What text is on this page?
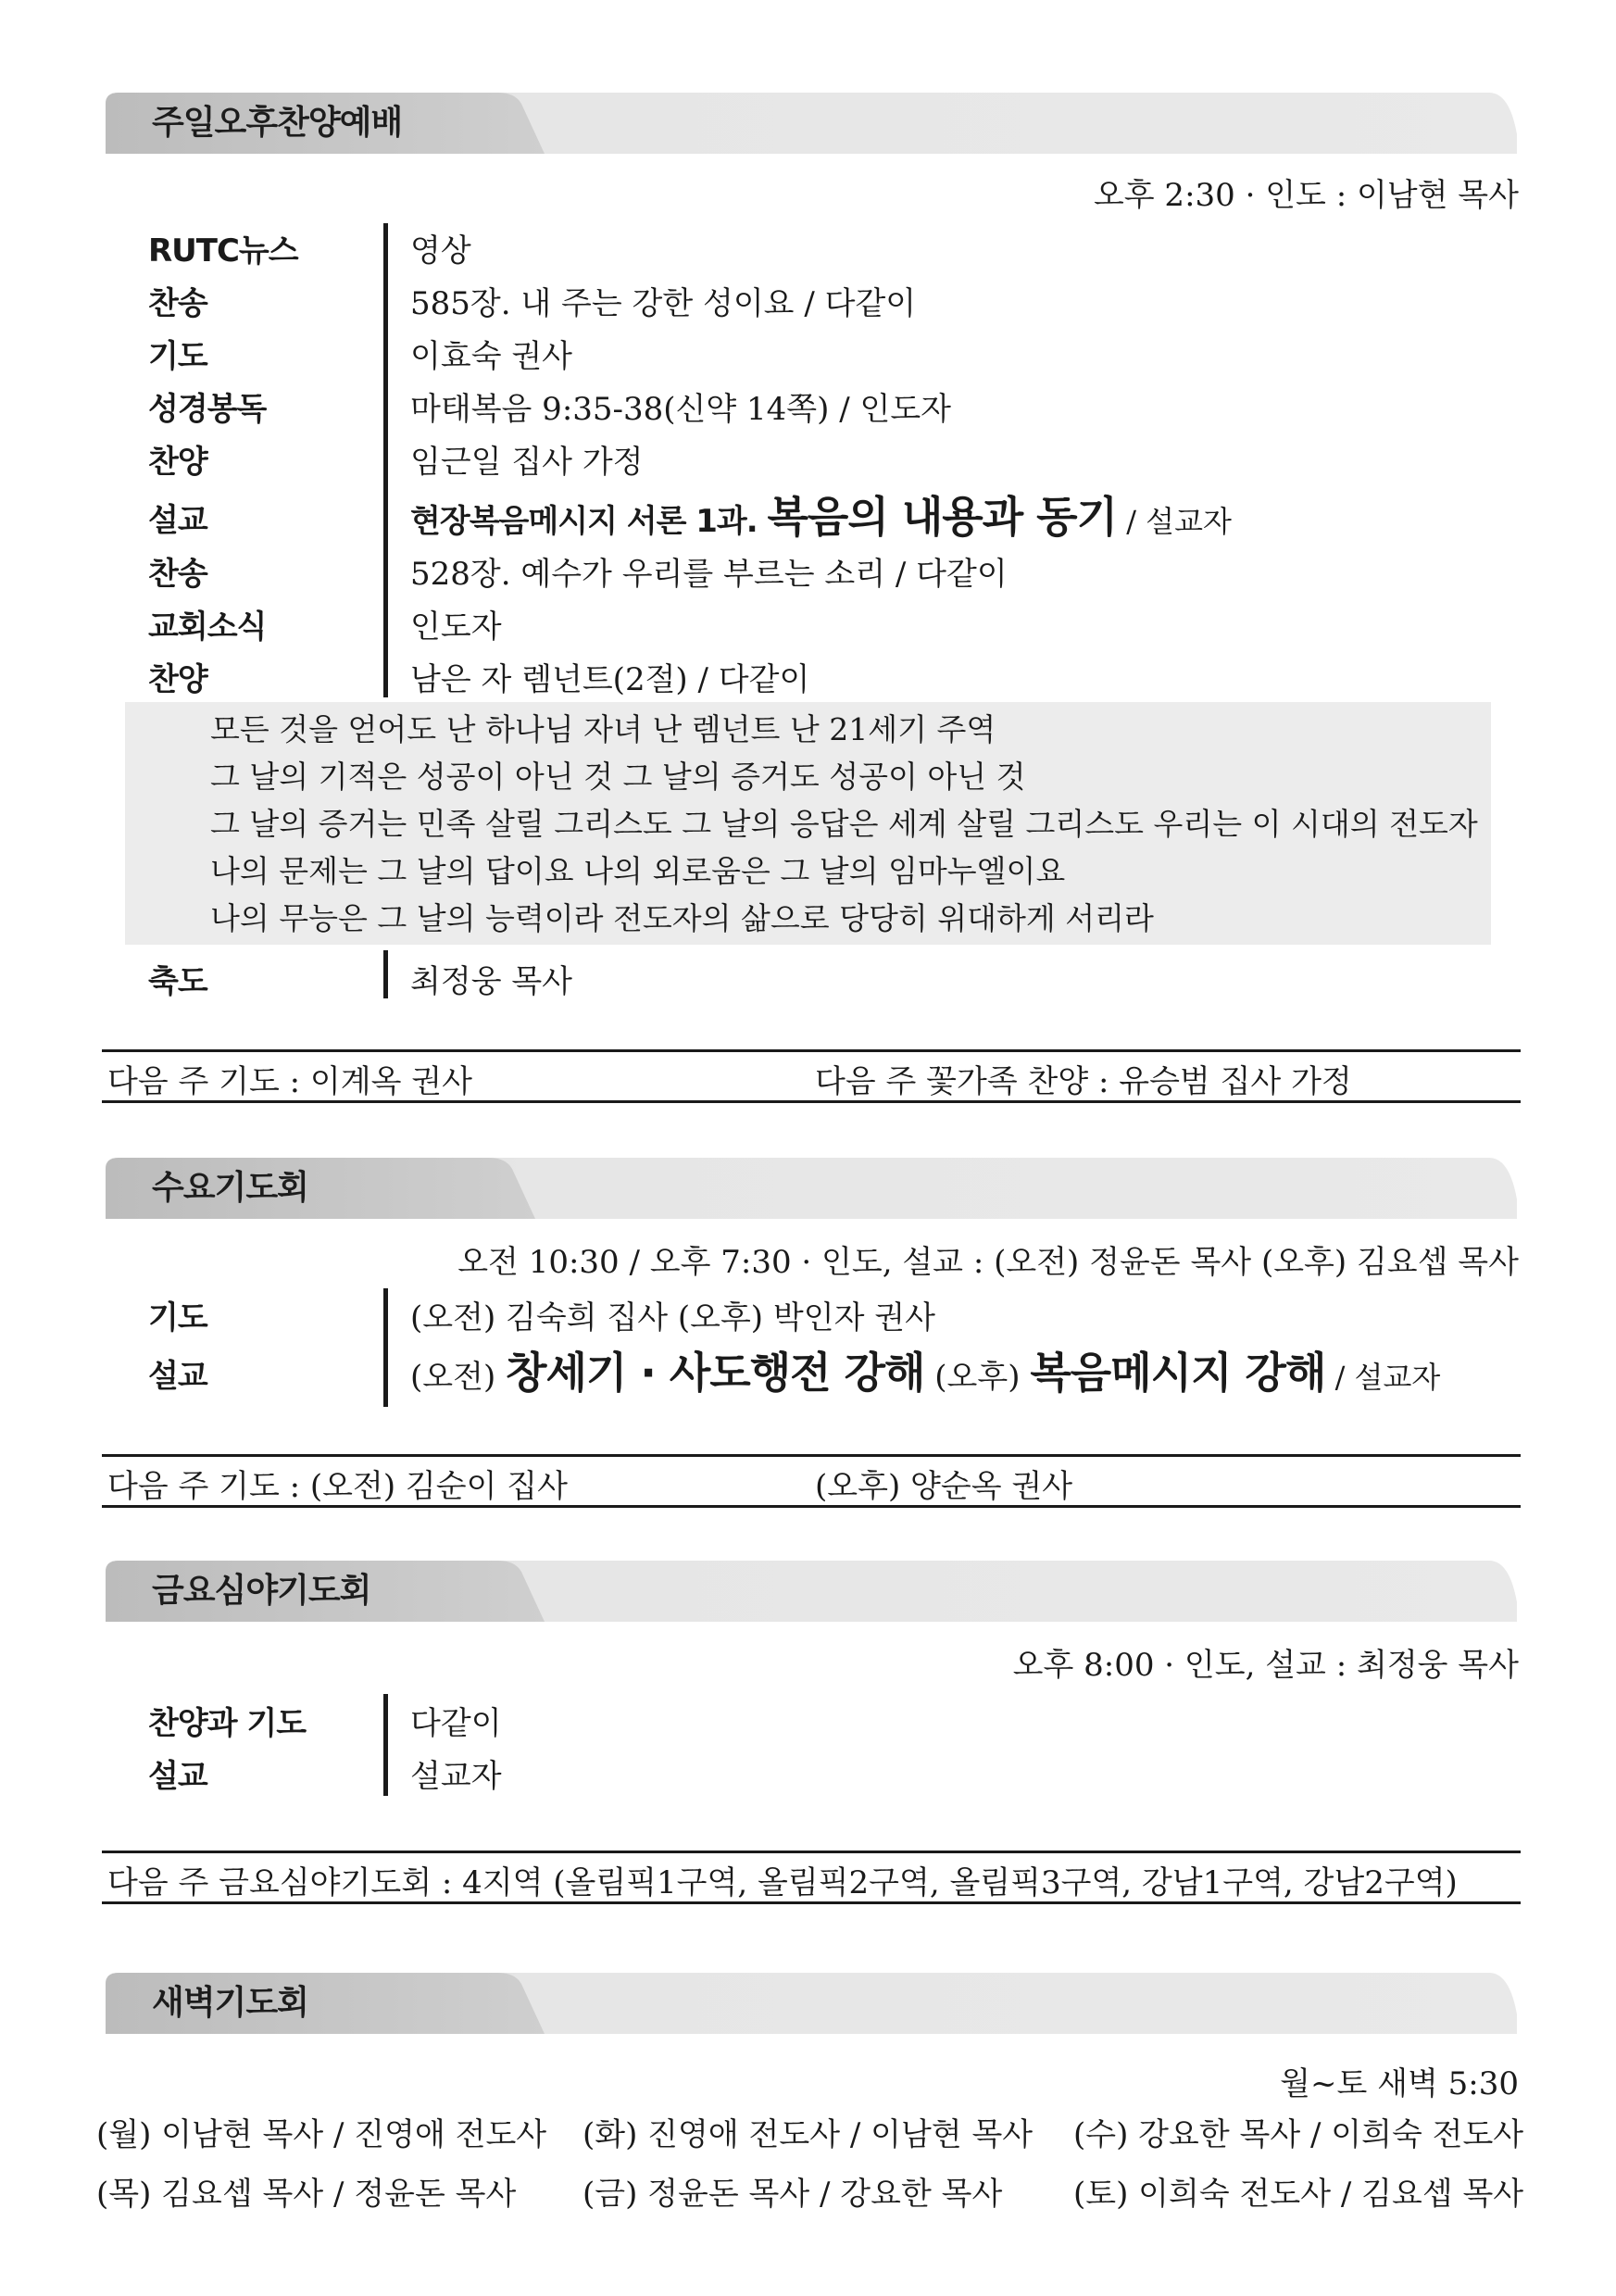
주일오후찬양예배
오후 2:30 · 인도 : 이남현 목사
RUTC뉴스	영상
찬송	585장. 내 주는 강한 성이요 / 다같이
기도	이효숙 권사
성경봉독	마태복음 9:35-38(신약 14쪽) / 인도자
찬양	임근일 집사 가정
설교	현장복음메시지 서론 1과. 복음의 내용과 동기 / 설교자
찬송	528장. 예수가 우리를 부르는 소리 / 다같이
교회소식	인도자
찬양	남은 자 렘넌트(2절) / 다같이
모든 것을 얻어도 난 하나님 자녀 난 렘넌트 난 21세기 주역
그 날의 기적은 성공이 아닌 것 그 날의 증거도 성공이 아닌 것
그 날의 증거는 민족 살릴 그리스도 그 날의 응답은 세계 살릴 그리스도 우리는 이 시대의 전도자
나의 문제는 그 날의 답이요 나의 외로움은 그 날의 임마누엘이요
나의 무능은 그 날의 능력이라 전도자의 삶으로 당당히 위대하게 서리라
축도	최정웅 목사
다음 주 기도 : 이계옥 권사	다음 주 꽃가족 찬양 : 유승범 집사 가정
수요기도회
오전 10:30 / 오후 7:30 · 인도, 설교 : (오전) 정윤돈 목사 (오후) 김요셉 목사
기도	(오전) 김숙희 집사 (오후) 박인자 권사
설교	(오전) 창세기 · 사도행전 강해 (오후) 복음메시지 강해 / 설교자
다음 주 기도 : (오전) 김순이 집사	(오후) 양순옥 권사
금요심야기도회
오후 8:00 · 인도, 설교 : 최정웅 목사
찬양과 기도	다같이
설교	설교자
다음 주 금요심야기도회 : 4지역 (올림픽1구역, 올림픽2구역, 올림픽3구역, 강남1구역, 강남2구역)
새벽기도회
월~토 새벽 5:30
(월) 이남현 목사 / 진영애 전도사 (화) 진영애 전도사 / 이남현 목사 (수) 강요한 목사 / 이희숙 전도사
(목) 김요셉 목사 / 정윤돈 목사 (금) 정윤돈 목사 / 강요한 목사 (토) 이희숙 전도사 / 김요셉 목사
